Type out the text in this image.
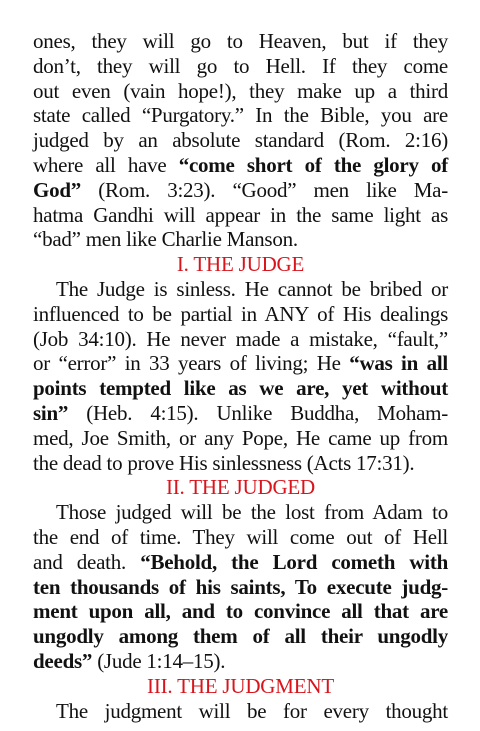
ones, they will go to Heaven, but if they
don’t, they will go to Hell. If they come
out even (vain hope!), they make up a third
state called “Purgatory.” In the Bible, you are
judged by an absolute standard (Rom. 2:16)
where all have “come short of the glory of
God” (Rom. 3:23). “Good” men like Ma-
hatma Gandhi will appear in the same light as
“bad” men like Charlie Manson.
I. THE JUDGE
The Judge is sinless. He cannot be bribed or
influenced to be partial in ANY of His dealings
(Job 34:10). He never made a mistake, “fault,”
or “error” in 33 years of living; He “was in all
points tempted like as we are, yet without
sin” (Heb. 4:15). Unlike Buddha, Moham-
med, Joe Smith, or any Pope, He came up from
the dead to prove His sinlessness (Acts 17:31).
II. THE JUDGED
Those judged will be the lost from Adam to
the end of time. They will come out of Hell
and death. “Behold, the Lord cometh with
ten thousands of his saints, To execute judg-
ment upon all, and to convince all that are
ungodly among them of all their ungodly
deeds” (Jude 1:14–15).
III. THE JUDGMENT
The judgment will be for every thought
